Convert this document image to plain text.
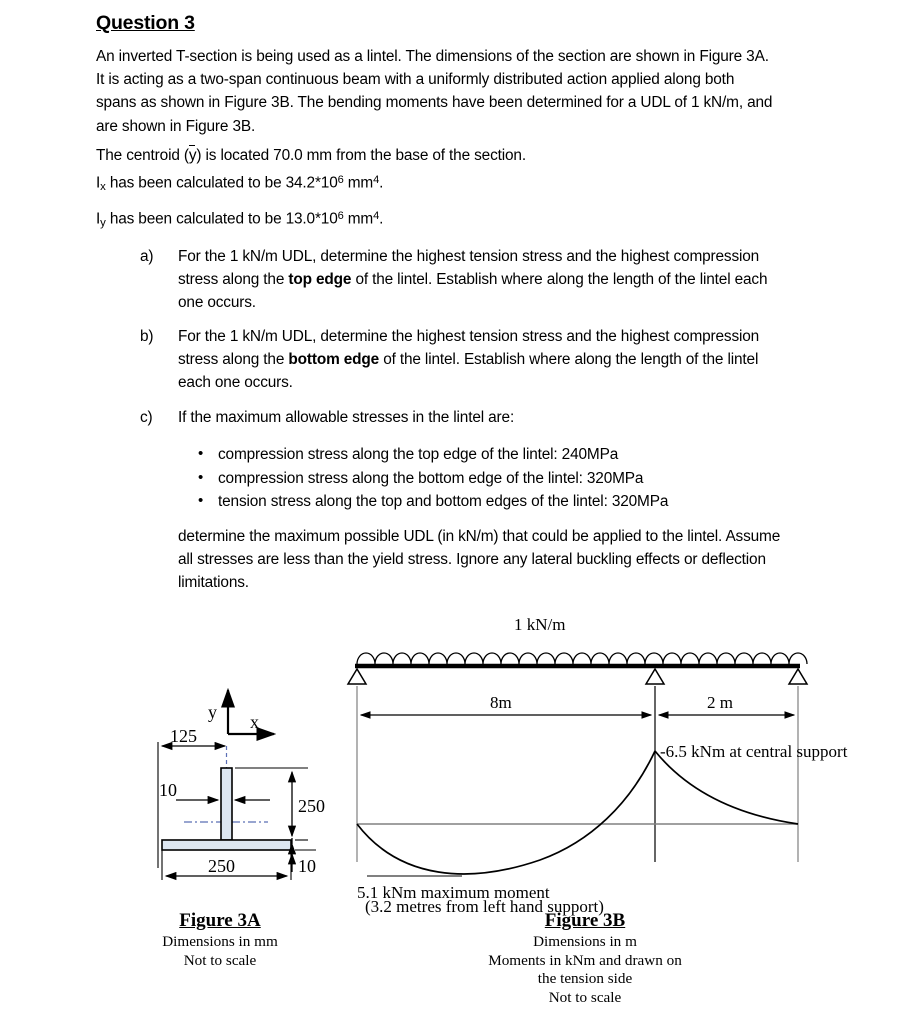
Question 3
An inverted T-section is being used as a lintel. The dimensions of the section are shown in Figure 3A. It is acting as a two-span continuous beam with a uniformly distributed action applied along both spans as shown in Figure 3B. The bending moments have been determined for a UDL of 1 kN/m, and are shown in Figure 3B.
The centroid (y) is located 70.0 mm from the base of the section.
$I_x$ has been calculated to be $34.2*10^6$ $mm^4$.
$I_y$ has been calculated to be $13.0*10^6$ $mm^4$.
a) For the 1 kN/m UDL, determine the highest tension stress and the highest compression stress along the top edge of the lintel. Establish where along the length of the lintel each one occurs.
b) For the 1 kN/m UDL, determine the highest tension stress and the highest compression stress along the bottom edge of the lintel. Establish where along the length of the lintel each one occurs.
c) If the maximum allowable stresses in the lintel are:
• compression stress along the top edge of the lintel: 240MPa
• compression stress along the bottom edge of the lintel: 320MPa
• tension stress along the top and bottom edges of the lintel: 320MPa
determine the maximum possible UDL (in kN/m) that could be applied to the lintel. Assume all stresses are less than the yield stress. Ignore any lateral buckling effects or deflection limitations.
125
10
250
250	10
y x
1 kN/m
8m	2 m
-6.5 kNm at central support
5.1 kNm maximum moment
(3.2 metres from left hand support)
Figure 3A
Dimensions in mm
Not to scale
Figure 3B
Dimensions in m
Moments in kNm and drawn on
the tension side
Not to scale
